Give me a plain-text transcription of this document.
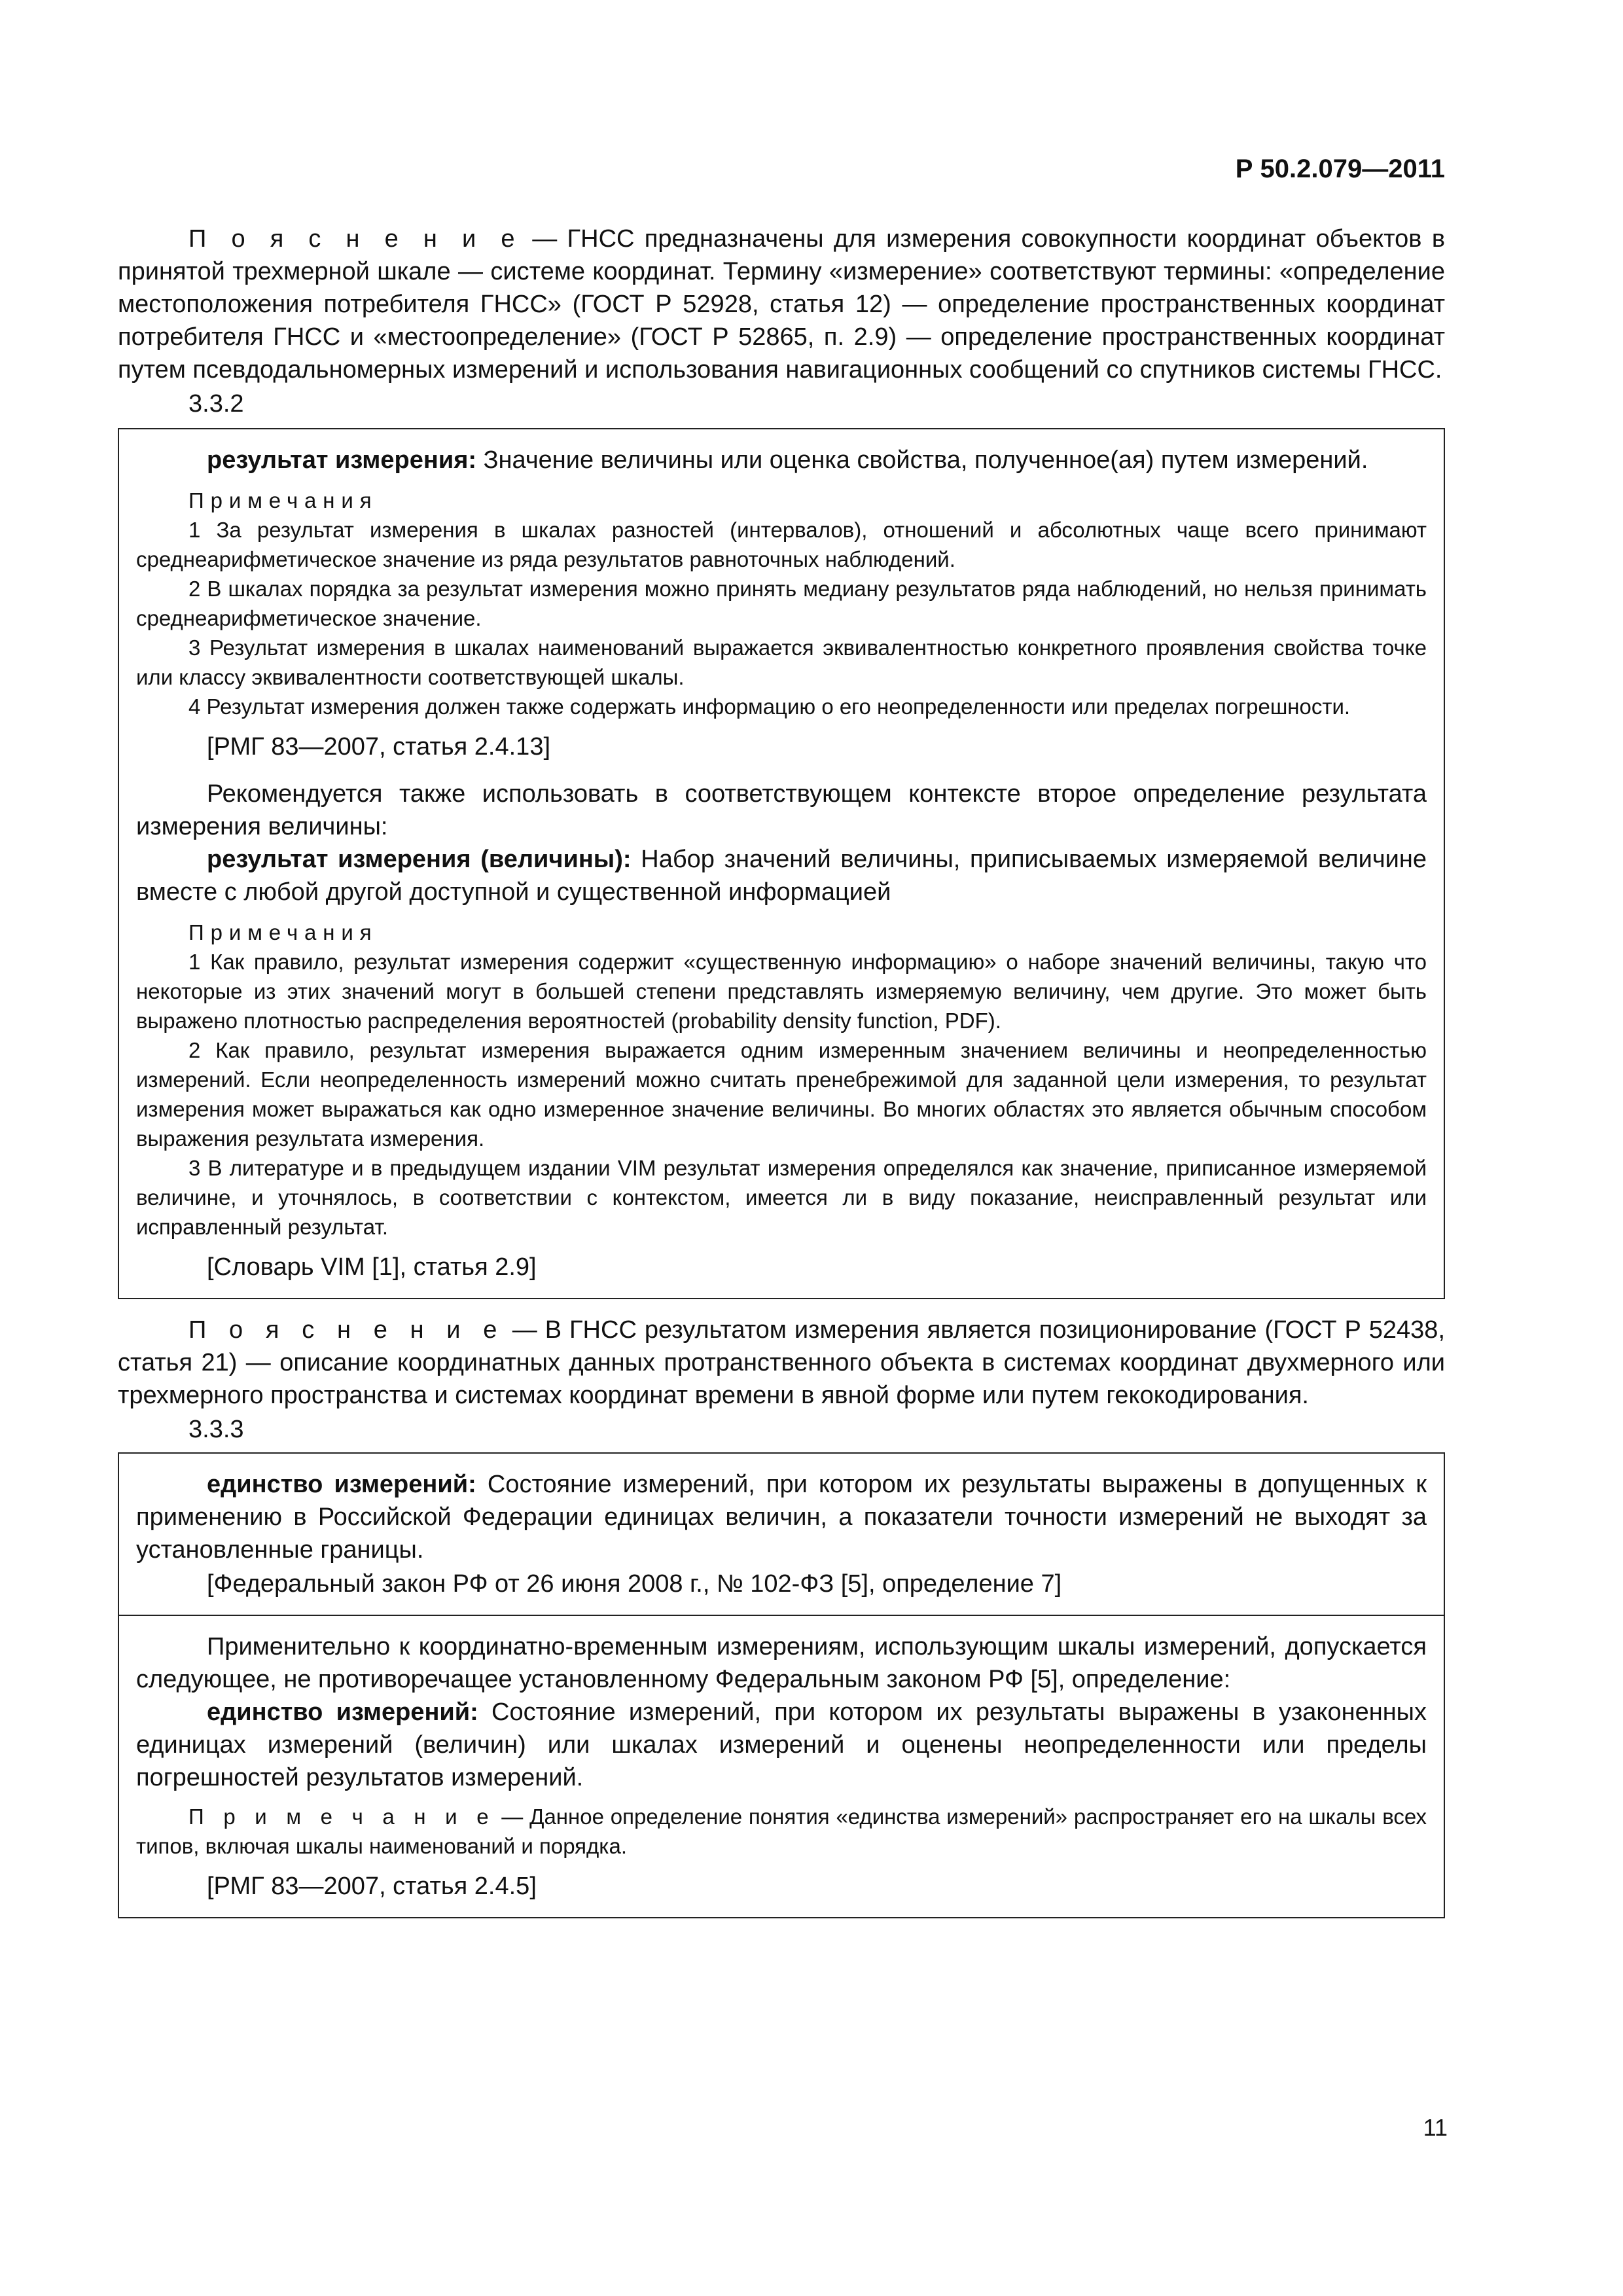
Р 50.2.079—2011

П о я с н е н и е — ГНСС предназначены для измерения совокупности координат объектов в принятой трехмерной шкале — системе координат. Термину «измерение» соответствуют термины: «определение местоположения потребителя ГНСС» (ГОСТ Р 52928, статья 12) — определение пространственных координат потребителя ГНСС и «местоопределение» (ГОСТ Р 52865, п. 2.9) — определение пространственных координат путем псевдодальномерных измерений и использования навигационных сообщений со спутников системы ГНСС.

3.3.2

результат измерения: Значение величины или оценка свойства, полученное(ая) путем измерений.

Примечания

1 За результат измерения в шкалах разностей (интервалов), отношений и абсолютных чаще всего принимают среднеарифметическое значение из ряда результатов равноточных наблюдений.

2 В шкалах порядка за результат измерения можно принять медиану результатов ряда наблюдений, но нельзя принимать среднеарифметическое значение.

3 Результат измерения в шкалах наименований выражается эквивалентностью конкретного проявления свойства точке или классу эквивалентности соответствующей шкалы.

4 Результат измерения должен также содержать информацию о его неопределенности или пределах погрешности.

[РМГ 83—2007, статья 2.4.13]

Рекомендуется также использовать в соответствующем контексте второе определение результата измерения величины:

результат измерения (величины): Набор значений величины, приписываемых измеряемой величине вместе с любой другой доступной и существенной информацией

Примечания

1 Как правило, результат измерения содержит «существенную информацию» о наборе значений величины, такую что некоторые из этих значений могут в большей степени представлять измеряемую величину, чем другие. Это может быть выражено плотностью распределения вероятностей (probability density function, PDF).

2 Как правило, результат измерения выражается одним измеренным значением величины и неопределенностью измерений. Если неопределенность измерений можно считать пренебрежимой для заданной цели измерения, то результат измерения может выражаться как одно измеренное значение величины. Во многих областях это является обычным способом выражения результата измерения.

3 В литературе и в предыдущем издании VIM результат измерения определялся как значение, приписанное измеряемой величине, и уточнялось, в соответствии с контекстом, имеется ли в виду показание, неисправленный результат или исправленный результат.

[Словарь VIM [1], статья 2.9]

П о я с н е н и е — В ГНСС результатом измерения является позиционирование (ГОСТ Р 52438, статья 21) — описание координатных данных протранственного объекта в системах координат двухмерного или трехмерного пространства и системах координат времени в явной форме или путем гекокодирования.

3.3.3

единство измерений: Состояние измерений, при котором их результаты выражены в допущенных к применению в Российской Федерации единицах величин, а показатели точности измерений не выходят за установленные границы.

[Федеральный закон РФ от 26 июня 2008 г., № 102-ФЗ [5], определение 7]

Применительно к координатно-временным измерениям, использующим шкалы измерений, допускается следующее, не противоречащее установленному Федеральным законом РФ [5], определение:

единство измерений: Состояние измерений, при котором их результаты выражены в узаконенных единицах измерений (величин) или шкалах измерений и оценены неопределенности или пределы погрешностей результатов измерений.

П р и м е ч а н и е — Данное определение понятия «единства измерений» распространяет его на шкалы всех типов, включая шкалы наименований и порядка.

[РМГ 83—2007, статья 2.4.5]
11
